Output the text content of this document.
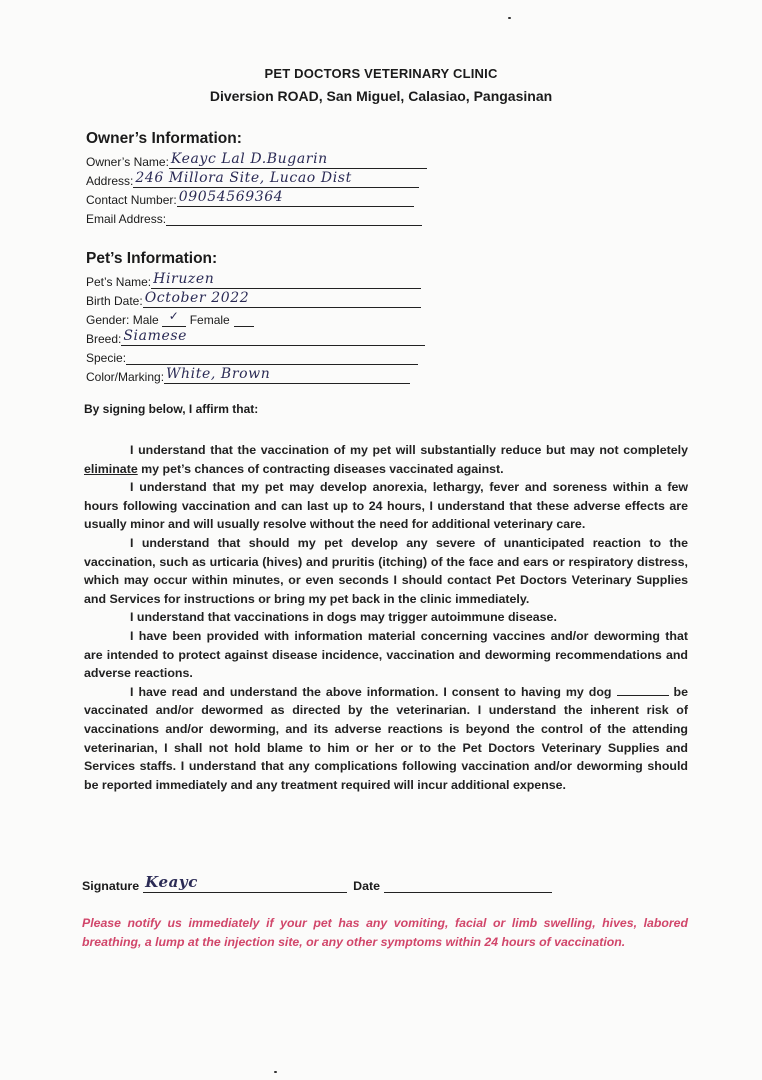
PET DOCTORS VETERINARY CLINIC
Diversion ROAD, San Miguel, Calasiao, Pangasinan
Owner’s Information:
Owner’s Name: Keayc Lal D.Bugarin
Address: 246 Millora Site, Lucao Dist
Contact Number: 09054569364
Email Address:
Pet’s Information:
Pet’s Name: Hiruzen
Birth Date: October 2022
Gender: Male ✓ Female
Breed: Siamese
Specie:
Color/Marking: White, Brown
By signing below, I affirm that:

I understand that the vaccination of my pet will substantially reduce but may not completely eliminate my pet’s chances of contracting diseases vaccinated against.

I understand that my pet may develop anorexia, lethargy, fever and soreness within a few hours following vaccination and can last up to 24 hours, I understand that these adverse effects are usually minor and will usually resolve without the need for additional veterinary care.

I understand that should my pet develop any severe of unanticipated reaction to the vaccination, such as urticaria (hives) and pruritis (itching) of the face and ears or respiratory distress, which may occur within minutes, or even seconds I should contact Pet Doctors Veterinary Supplies and Services for instructions or bring my pet back in the clinic immediately.

I understand that vaccinations in dogs may trigger autoimmune disease.

I have been provided with information material concerning vaccines and/or deworming that are intended to protect against disease incidence, vaccination and deworming recommendations and adverse reactions.

I have read and understand the above information. I consent to having my dog	be vaccinated and/or dewormed as directed by the veterinarian. I understand the inherent risk of vaccinations and/or deworming, and its adverse reactions is beyond the control of the attending veterinarian, I shall not hold blame to him or her or to the Pet Doctors Veterinary Supplies and Services staffs. I understand that any complications following vaccination and/or deworming should be reported immediately and any treatment required will incur additional expense.

Signature Keayc	Date
Please notify us immediately if your pet has any vomiting, facial or limb swelling, hives, labored breathing, a lump at the injection site, or any other symptoms within 24 hours of vaccination.
